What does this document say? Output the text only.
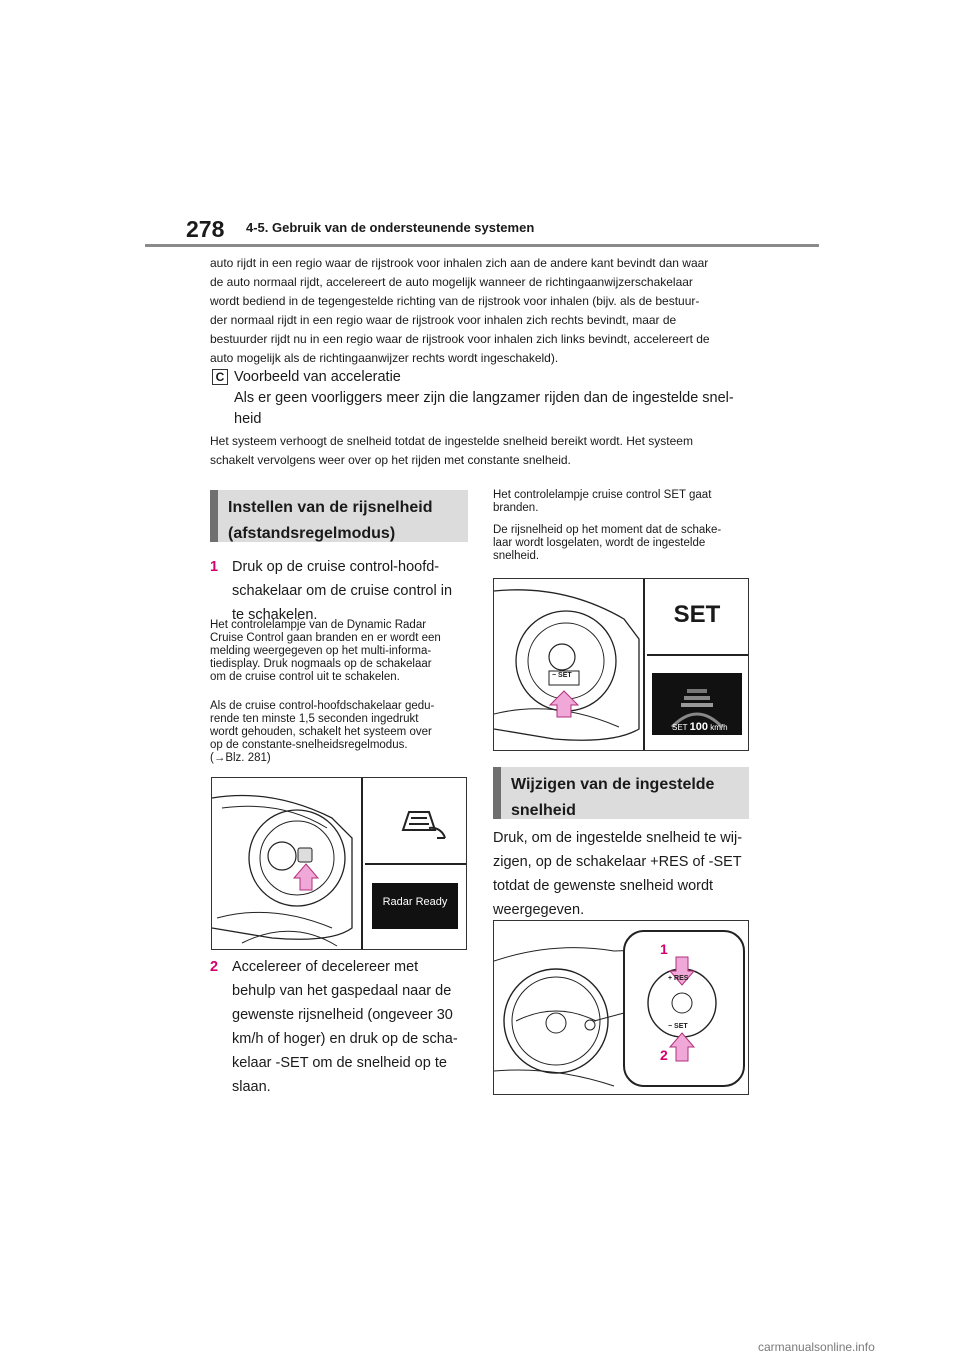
278 4-5. Gebruik van de ondersteunende systemen
auto rijdt in een regio waar de rijstrook voor inhalen zich aan de andere kant bevindt dan waar
de auto normaal rijdt, accelereert de auto mogelijk wanneer de richtingaanwijzerschakelaar
wordt bediend in de tegengestelde richting van de rijstrook voor inhalen (bijv. als de bestuur-
der normaal rijdt in een regio waar de rijstrook voor inhalen zich rechts bevindt, maar de
bestuurder rijdt nu in een regio waar de rijstrook voor inhalen zich links bevindt, accelereert de
auto mogelijk als de richtingaanwijzer rechts wordt ingeschakeld).
C Voorbeeld van acceleratie
Als er geen voorliggers meer zijn die langzamer rijden dan de ingestelde snel-
heid
Het systeem verhoogt de snelheid totdat de ingestelde snelheid bereikt wordt. Het systeem
schakelt vervolgens weer over op het rijden met constante snelheid.
Instellen van de rijsnelheid
(afstandsregelmodus)
1 Druk op de cruise control-hoofd-
schakelaar om de cruise control in
te schakelen.
Het controlelampje van de Dynamic Radar
Cruise Control gaan branden en er wordt een
melding weergegeven op het multi-informa-
tiedisplay. Druk nogmaals op de schakelaar
om de cruise control uit te schakelen.
Als de cruise control-hoofdschakelaar gedu-
rende ten minste 1,5 seconden ingedrukt
wordt gehouden, schakelt het systeem over
op de constante-snelheidsregelmodus.
(→Blz. 281)
Radar Ready
2 Accelereer of decelereer met
behulp van het gaspedaal naar de
gewenste rijsnelheid (ongeveer 30
km/h of hoger) en druk op de scha-
kelaar -SET om de snelheid op te
slaan.
Het controlelampje cruise control SET gaat
branden.
De rijsnelheid op het moment dat de schake-
laar wordt losgelaten, wordt de ingestelde
snelheid.
− SET
SET
SET 100 km/h
Wijzigen van de ingestelde
snelheid
Druk, om de ingestelde snelheid te wij-
zigen, op de schakelaar +RES of -SET
totdat de gewenste snelheid wordt
weergegeven.
+ RES
− SET
1
2
carmanualsonline.info
